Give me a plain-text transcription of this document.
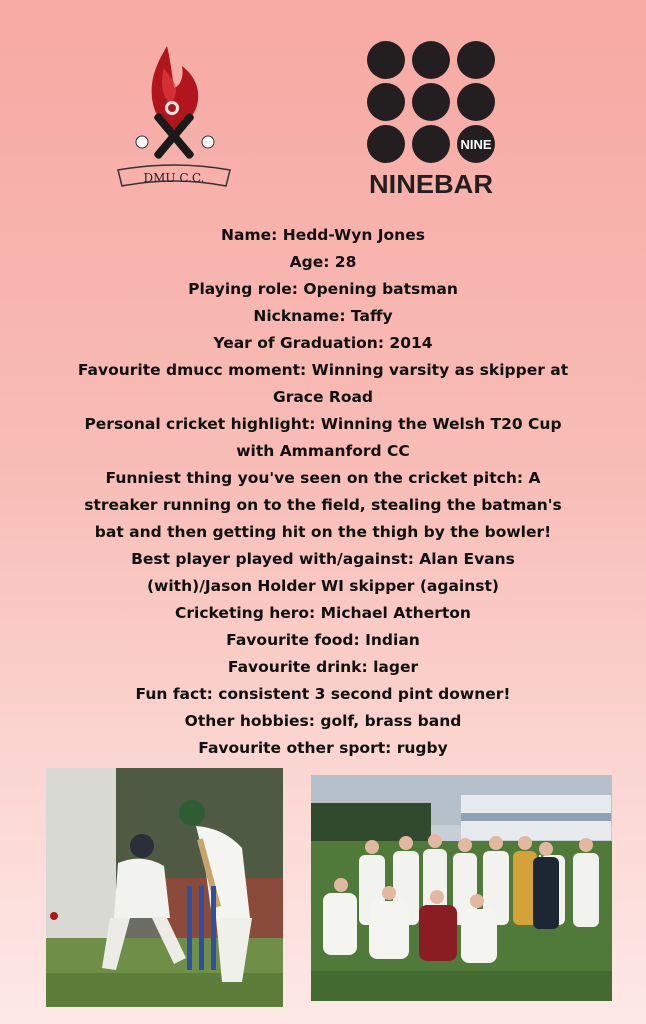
DMU C.C.
NINE
NINEBAR
Name: Hedd-Wyn Jones
Age: 28
Playing role: Opening batsman
Nickname: Taffy
Year of Graduation: 2014
Favourite dmucc moment: Winning varsity as skipper at Grace Road
Personal cricket highlight: Winning the Welsh T20 Cup with Ammanford CC
Funniest thing you've seen on the cricket pitch: A streaker running on to the field, stealing the batman's bat and then getting hit on the thigh by the bowler!
Best player played with/against: Alan Evans (with)/Jason Holder WI skipper (against)
Cricketing hero: Michael Atherton
Favourite food: Indian
Favourite drink: lager
Fun fact: consistent 3 second pint downer!
Other hobbies: golf, brass band
Favourite other sport: rugby
